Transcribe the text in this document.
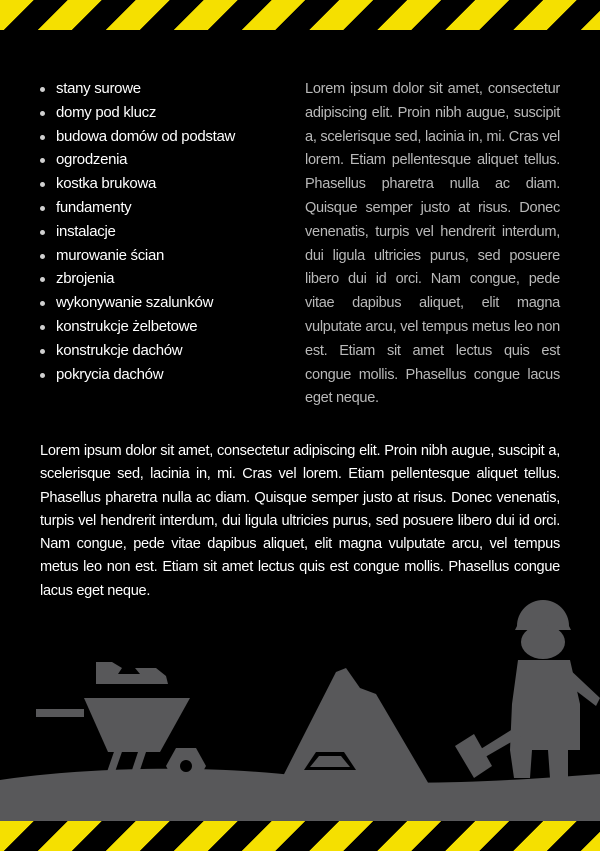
stany surowe
domy pod klucz
budowa domów od podstaw
ogrodzenia
kostka brukowa
fundamenty
instalacje
murowanie ścian
zbrojenia
wykonywanie szalunków
konstrukcje żelbetowe
konstrukcje dachów
pokrycia dachów

Lorem ipsum dolor sit amet, consectetur adipiscing elit. Proin nibh augue, suscipit a, scelerisque sed, lacinia in, mi. Cras vel lorem. Etiam pellentesque aliquet tellus. Phasellus pharetra nulla ac diam. Quisque semper justo at risus. Donec venenatis, turpis vel hendrerit interdum, dui ligula ultricies purus, sed posuere libero dui id orci. Nam congue, pede vitae dapibus aliquet, elit magna vulputate arcu, vel tempus metus leo non est. Etiam sit amet lectus quis est congue mollis. Phasellus congue lacus eget neque.

Lorem ipsum dolor sit amet, consectetur adipiscing elit. Proin nibh augue, suscipit a, scelerisque sed, lacinia in, mi. Cras vel lorem. Etiam pellentesque aliquet tellus. Phasellus pharetra nulla ac diam. Quisque semper justo at risus. Donec venenatis, turpis vel hendrerit interdum, dui ligula ultricies purus, sed posuere libero dui id orci. Nam congue, pede vitae dapibus aliquet, elit magna vulputate arcu, vel tempus metus leo non est. Etiam sit amet lectus quis est congue mollis. Phasellus congue lacus eget neque.
